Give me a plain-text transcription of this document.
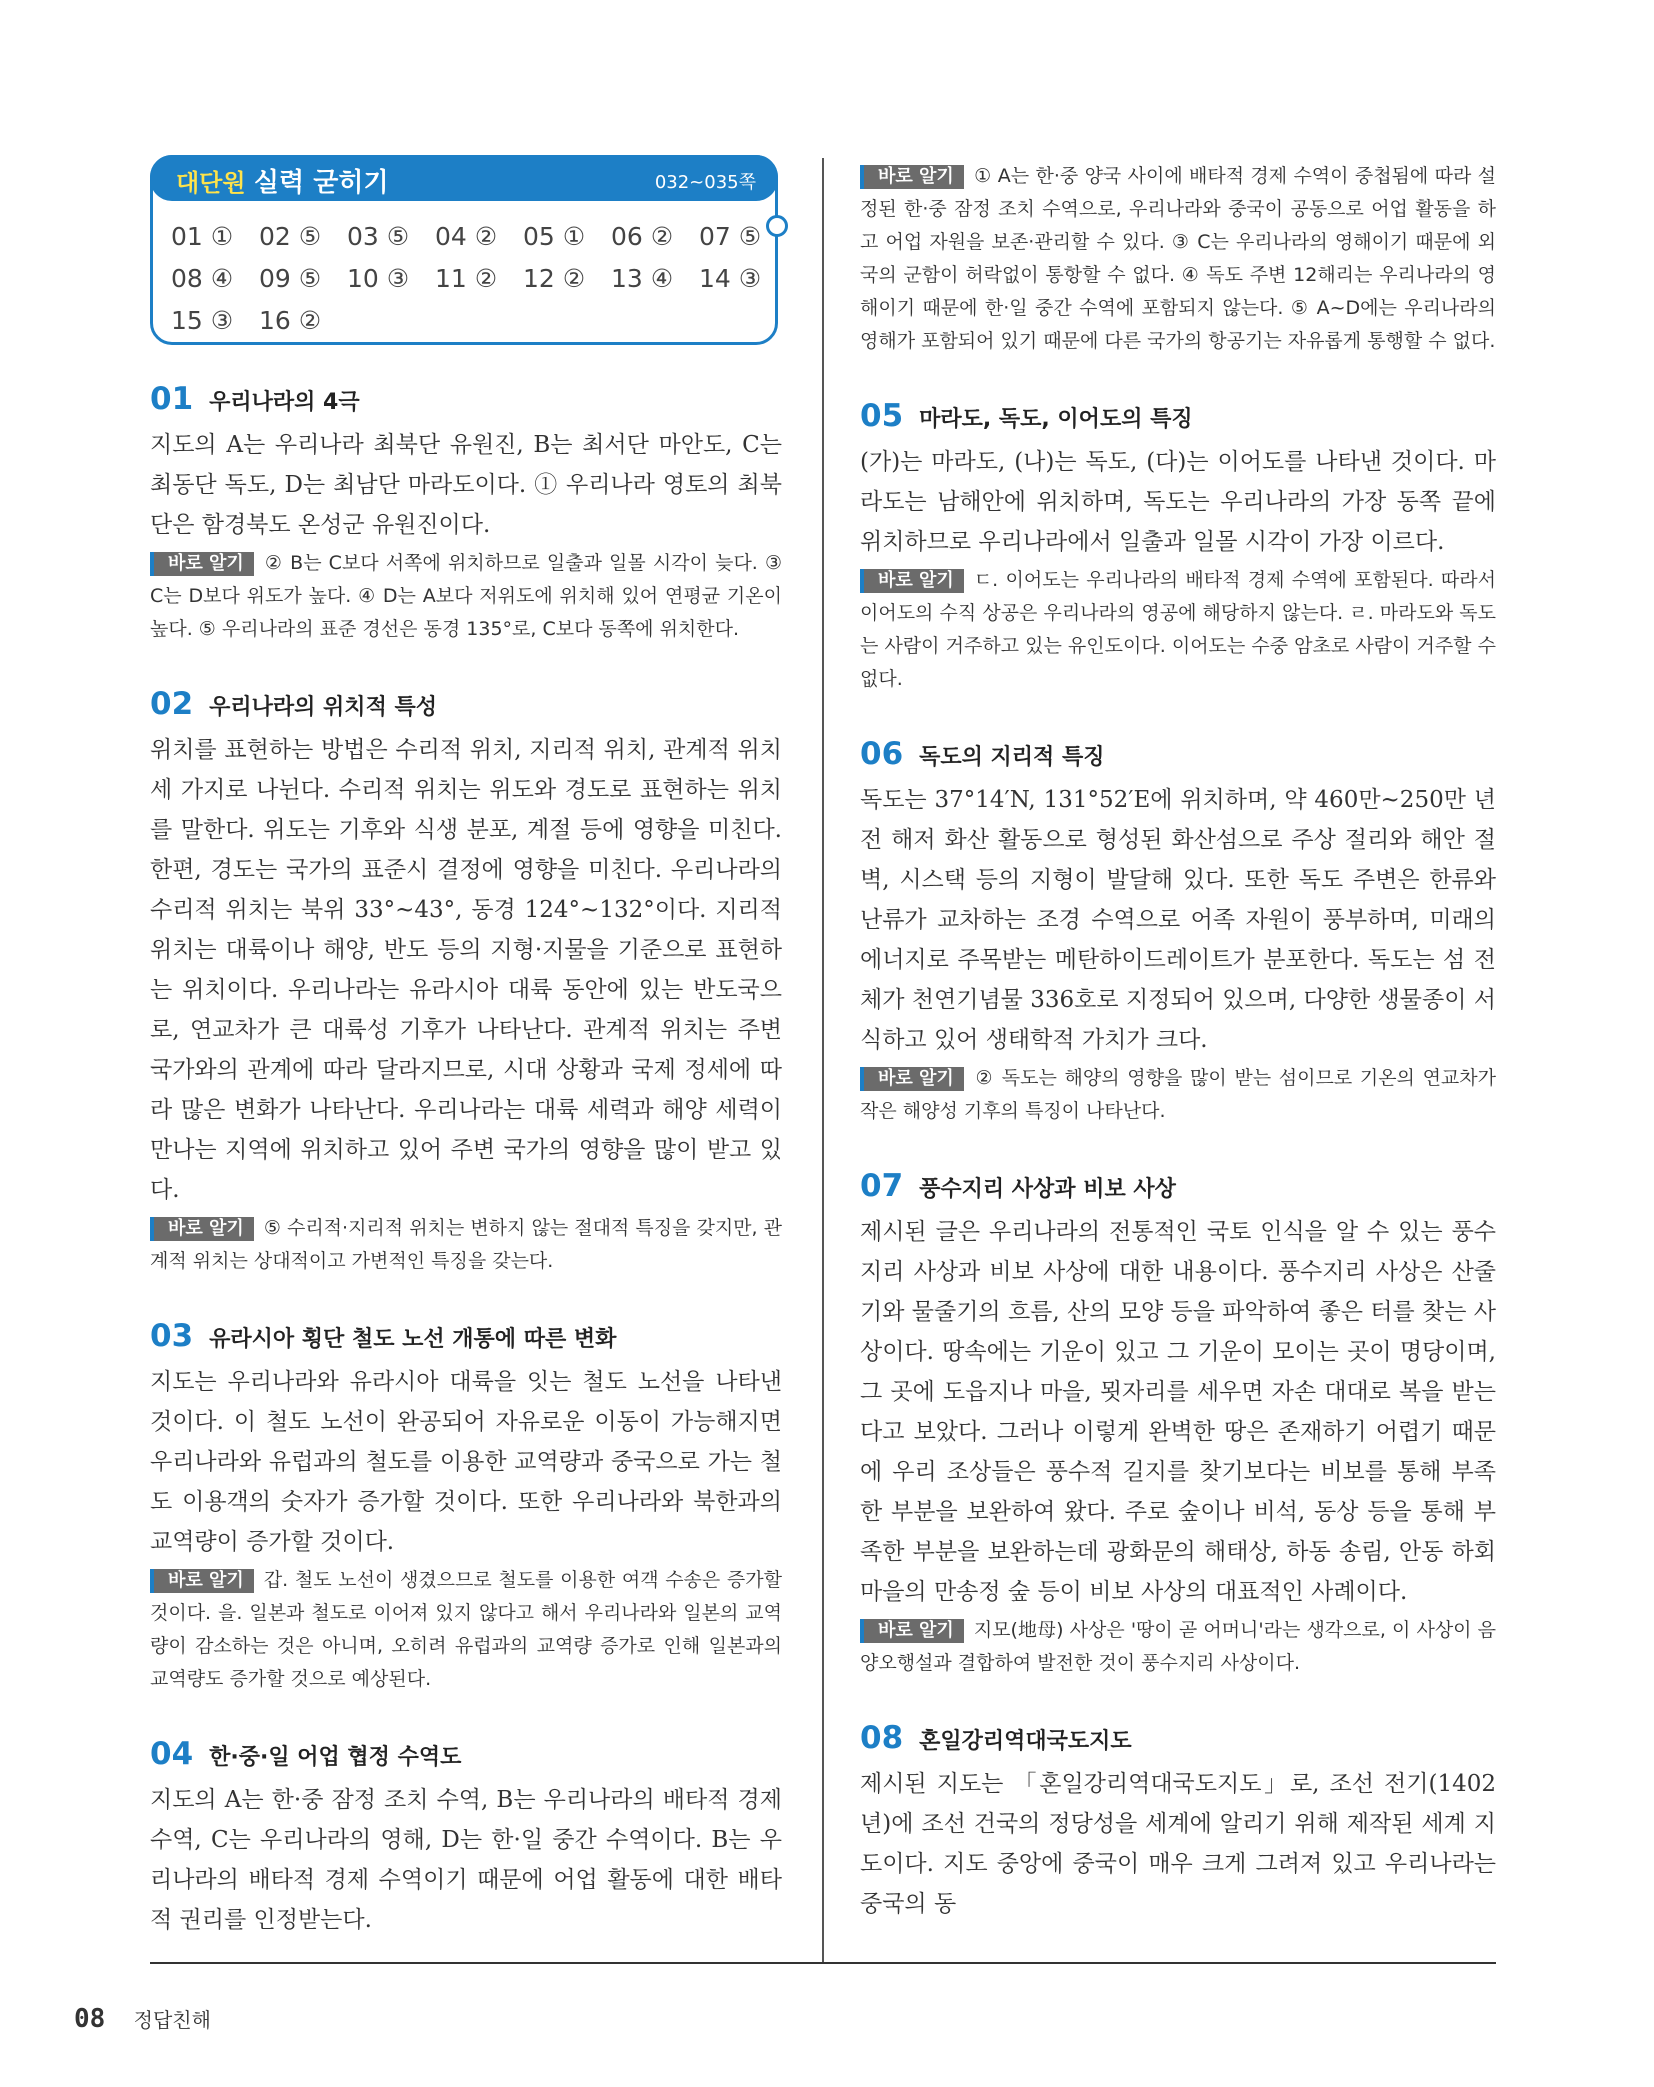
대단원 실력 굳히기	032~035쪽
01 ①	02 ⑤	03 ⑤	04 ②	05 ①	06 ②	07 ⑤
08 ④	09 ⑤	10 ③	11 ②	12 ②	13 ④	14 ③
15 ③	16 ②
01 우리나라의 4극
지도의 A는 우리나라 최북단 유원진, B는 최서단 마안도, C는 최동단 독도, D는 최남단 마라도이다. ① 우리나라 영토의 최북단은 함경북도 온성군 유원진이다.
바로 알기 ② B는 C보다 서쪽에 위치하므로 일출과 일몰 시각이 늦다. ③ C는 D보다 위도가 높다. ④ D는 A보다 저위도에 위치해 있어 연평균 기온이 높다. ⑤ 우리나라의 표준 경선은 동경 135°로, C보다 동쪽에 위치한다.
02 우리나라의 위치적 특성
위치를 표현하는 방법은 수리적 위치, 지리적 위치, 관계적 위치 세 가지로 나뉜다. 수리적 위치는 위도와 경도로 표현하는 위치를 말한다. 위도는 기후와 식생 분포, 계절 등에 영향을 미친다. 한편, 경도는 국가의 표준시 결정에 영향을 미친다. 우리나라의 수리적 위치는 북위 33°~43°, 동경 124°~132°이다. 지리적 위치는 대륙이나 해양, 반도 등의 지형·지물을 기준으로 표현하는 위치이다. 우리나라는 유라시아 대륙 동안에 있는 반도국으로, 연교차가 큰 대륙성 기후가 나타난다. 관계적 위치는 주변 국가와의 관계에 따라 달라지므로, 시대 상황과 국제 정세에 따라 많은 변화가 나타난다. 우리나라는 대륙 세력과 해양 세력이 만나는 지역에 위치하고 있어 주변 국가의 영향을 많이 받고 있다.
바로 알기 ⑤ 수리적·지리적 위치는 변하지 않는 절대적 특징을 갖지만, 관계적 위치는 상대적이고 가변적인 특징을 갖는다.
03 유라시아 횡단 철도 노선 개통에 따른 변화
지도는 우리나라와 유라시아 대륙을 잇는 철도 노선을 나타낸 것이다. 이 철도 노선이 완공되어 자유로운 이동이 가능해지면 우리나라와 유럽과의 철도를 이용한 교역량과 중국으로 가는 철도 이용객의 숫자가 증가할 것이다. 또한 우리나라와 북한과의 교역량이 증가할 것이다.
바로 알기 갑. 철도 노선이 생겼으므로 철도를 이용한 여객 수송은 증가할 것이다. 을. 일본과 철도로 이어져 있지 않다고 해서 우리나라와 일본의 교역량이 감소하는 것은 아니며, 오히려 유럽과의 교역량 증가로 인해 일본과의 교역량도 증가할 것으로 예상된다.
04 한·중·일 어업 협정 수역도
지도의 A는 한·중 잠정 조치 수역, B는 우리나라의 배타적 경제 수역, C는 우리나라의 영해, D는 한·일 중간 수역이다. B는 우리나라의 배타적 경제 수역이기 때문에 어업 활동에 대한 배타적 권리를 인정받는다.
바로 알기 ① A는 한·중 양국 사이에 배타적 경제 수역이 중첩됨에 따라 설정된 한·중 잠정 조치 수역으로, 우리나라와 중국이 공동으로 어업 활동을 하고 어업 자원을 보존·관리할 수 있다. ③ C는 우리나라의 영해이기 때문에 외국의 군함이 허락없이 통항할 수 없다. ④ 독도 주변 12해리는 우리나라의 영해이기 때문에 한·일 중간 수역에 포함되지 않는다. ⑤ A~D에는 우리나라의 영해가 포함되어 있기 때문에 다른 국가의 항공기는 자유롭게 통행할 수 없다.
05 마라도, 독도, 이어도의 특징
(가)는 마라도, (나)는 독도, (다)는 이어도를 나타낸 것이다. 마라도는 남해안에 위치하며, 독도는 우리나라의 가장 동쪽 끝에 위치하므로 우리나라에서 일출과 일몰 시각이 가장 이르다.
바로 알기 ㄷ. 이어도는 우리나라의 배타적 경제 수역에 포함된다. 따라서 이어도의 수직 상공은 우리나라의 영공에 해당하지 않는다. ㄹ. 마라도와 독도는 사람이 거주하고 있는 유인도이다. 이어도는 수중 암초로 사람이 거주할 수 없다.
06 독도의 지리적 특징
독도는 37°14′N, 131°52′E에 위치하며, 약 460만~250만 년 전 해저 화산 활동으로 형성된 화산섬으로 주상 절리와 해안 절벽, 시스택 등의 지형이 발달해 있다. 또한 독도 주변은 한류와 난류가 교차하는 조경 수역으로 어족 자원이 풍부하며, 미래의 에너지로 주목받는 메탄하이드레이트가 분포한다. 독도는 섬 전체가 천연기념물 336호로 지정되어 있으며, 다양한 생물종이 서식하고 있어 생태학적 가치가 크다.
바로 알기 ② 독도는 해양의 영향을 많이 받는 섬이므로 기온의 연교차가 작은 해양성 기후의 특징이 나타난다.
07 풍수지리 사상과 비보 사상
제시된 글은 우리나라의 전통적인 국토 인식을 알 수 있는 풍수지리 사상과 비보 사상에 대한 내용이다. 풍수지리 사상은 산줄기와 물줄기의 흐름, 산의 모양 등을 파악하여 좋은 터를 찾는 사상이다. 땅속에는 기운이 있고 그 기운이 모이는 곳이 명당이며, 그 곳에 도읍지나 마을, 묏자리를 세우면 자손 대대로 복을 받는다고 보았다. 그러나 이렇게 완벽한 땅은 존재하기 어렵기 때문에 우리 조상들은 풍수적 길지를 찾기보다는 비보를 통해 부족한 부분을 보완하여 왔다. 주로 숲이나 비석, 동상 등을 통해 부족한 부분을 보완하는데 광화문의 해태상, 하동 송림, 안동 하회마을의 만송정 숲 등이 비보 사상의 대표적인 사례이다.
바로 알기 지모(地母) 사상은 '땅이 곧 어머니'라는 생각으로, 이 사상이 음양오행설과 결합하여 발전한 것이 풍수지리 사상이다.
08 혼일강리역대국도지도
제시된 지도는 「혼일강리역대국도지도」로, 조선 전기(1402년)에 조선 건국의 정당성을 세계에 알리기 위해 제작된 세계 지도이다. 지도 중앙에 중국이 매우 크게 그려져 있고 우리나라는 중국의 동
08 정답친해
